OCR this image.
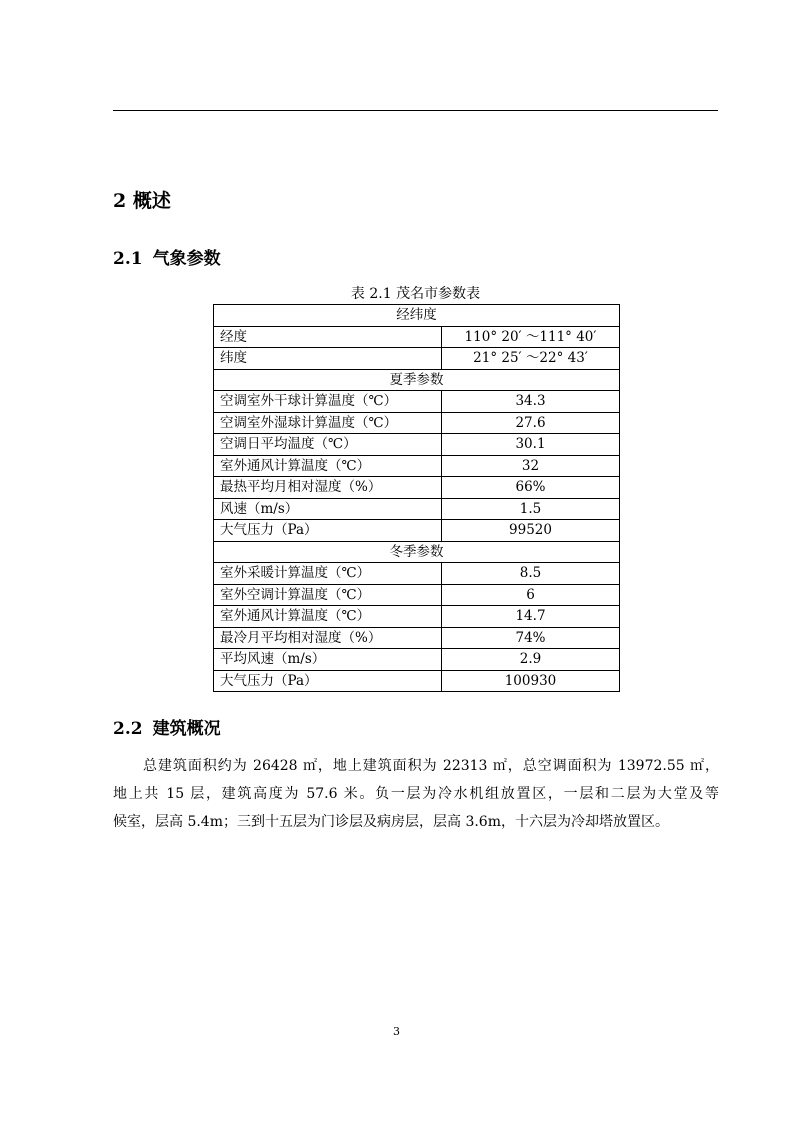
2 概述
2.1 气象参数
表 2.1 茂名市参数表
经纬度	
经度	110° 20′ ～111° 40′
纬度	21° 25′ ～22° 43′
夏季参数	
空调室外干球计算温度（℃）	34.3
空调室外湿球计算温度（℃）	27.6
空调日平均温度（℃）	30.1
室外通风计算温度（℃）	32
最热平均月相对湿度（%）	66%
风速（m/s）	1.5
大气压力（Pa）	99520
冬季参数	
室外采暖计算温度（℃）	8.5
室外空调计算温度（℃）	6
室外通风计算温度（℃）	14.7
最冷月平均相对湿度（%）	74%
平均风速（m/s）	2.9
大气压力（Pa）	100930
2.2 建筑概况
总建筑面积约为 26428 ㎡，地上建筑面积为 22313 ㎡，总空调面积为 13972.55 ㎡，
地上共 15 层，建筑高度为 57.6 米。负一层为冷水机组放置区，一层和二层为大堂及等
候室，层高 5.4m；三到十五层为门诊层及病房层，层高 3.6m，十六层为冷却塔放置区。
3
